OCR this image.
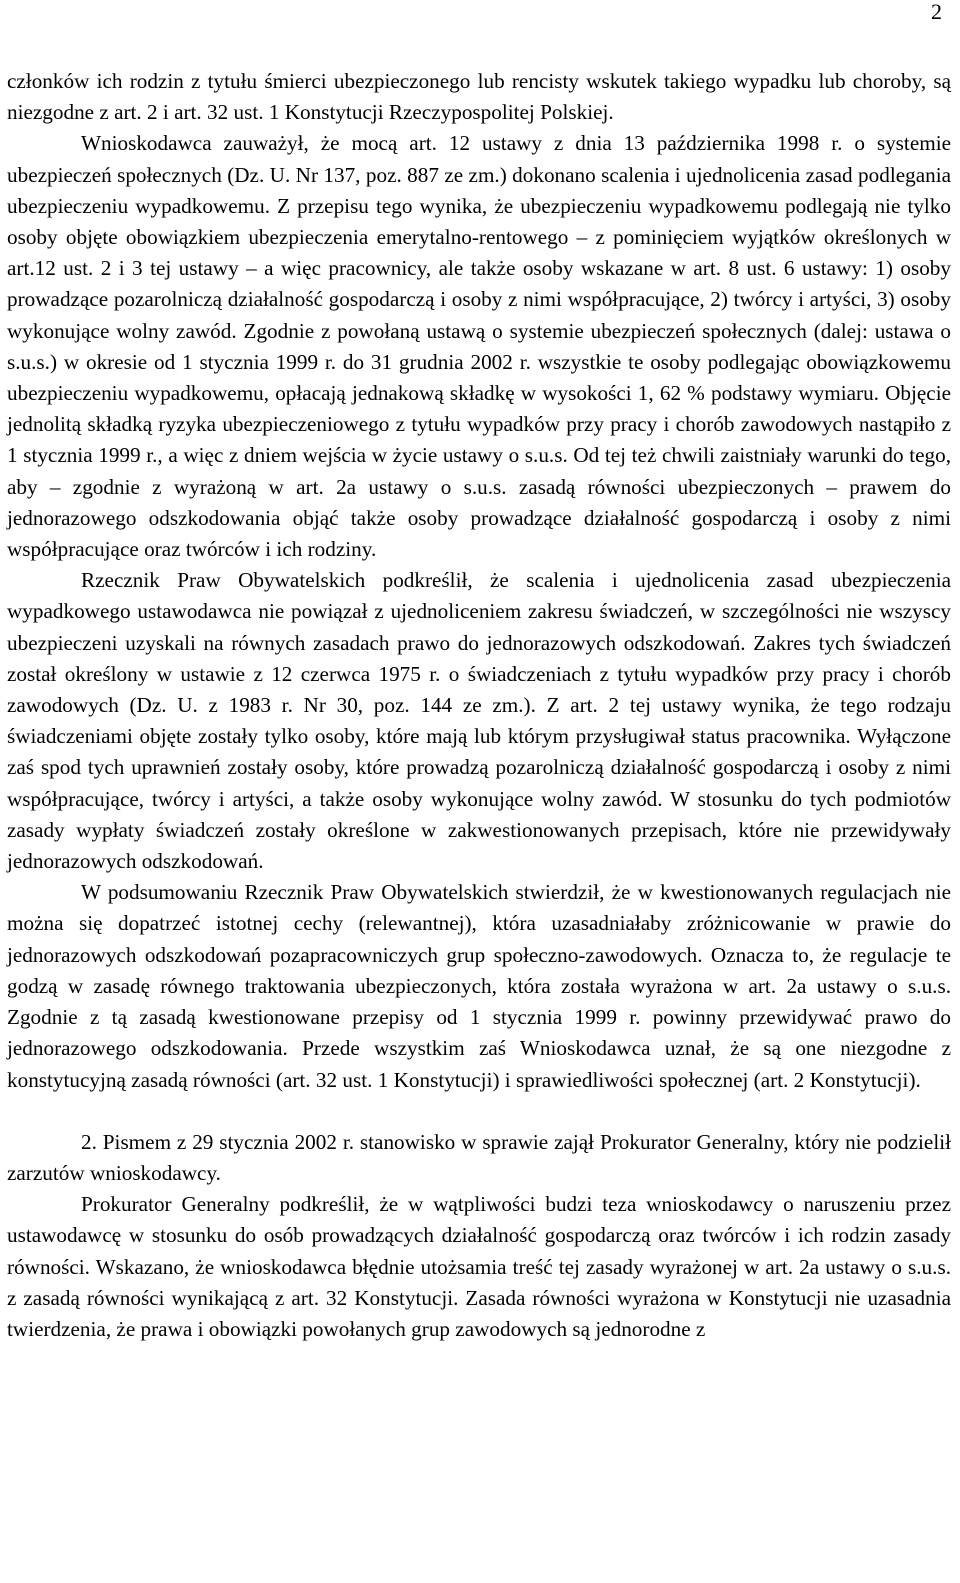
2

członków ich rodzin z tytułu śmierci ubezpieczonego lub rencisty wskutek takiego wypadku lub choroby, są niezgodne z art. 2 i art. 32 ust. 1 Konstytucji Rzeczypospolitej Polskiej.

Wnioskodawca zauważył, że mocą art. 12 ustawy z dnia 13 października 1998 r. o systemie ubezpieczeń społecznych (Dz. U. Nr 137, poz. 887 ze zm.) dokonano scalenia i ujednolicenia zasad podlegania ubezpieczeniu wypadkowemu. Z przepisu tego wynika, że ubezpieczeniu wypadkowemu podlegają nie tylko osoby objęte obowiązkiem ubezpieczenia emerytalno-rentowego – z pominięciem wyjątków określonych w art.12 ust. 2 i 3 tej ustawy – a więc pracownicy, ale także osoby wskazane w art. 8 ust. 6 ustawy: 1) osoby prowadzące pozarolniczą działalność gospodarczą i osoby z nimi współpracujące, 2) twórcy i artyści, 3) osoby wykonujące wolny zawód. Zgodnie z powołaną ustawą o systemie ubezpieczeń społecznych (dalej: ustawa o s.u.s.) w okresie od 1 stycznia 1999 r. do 31 grudnia 2002 r. wszystkie te osoby podlegając obowiązkowemu ubezpieczeniu wypadkowemu, opłacają jednakową składkę w wysokości 1, 62 % podstawy wymiaru. Objęcie jednolitą składką ryzyka ubezpieczeniowego z tytułu wypadków przy pracy i chorób zawodowych nastąpiło z 1 stycznia 1999 r., a więc z dniem wejścia w życie ustawy o s.u.s. Od tej też chwili zaistniały warunki do tego, aby – zgodnie z wyrażoną w art. 2a ustawy o s.u.s. zasadą równości ubezpieczonych – prawem do jednorazowego odszkodowania objąć także osoby prowadzące działalność gospodarczą i osoby z nimi współpracujące oraz twórców i ich rodziny.

Rzecznik Praw Obywatelskich podkreślił, że scalenia i ujednolicenia zasad ubezpieczenia wypadkowego ustawodawca nie powiązał z ujednoliceniem zakresu świadczeń, w szczególności nie wszyscy ubezpieczeni uzyskali na równych zasadach prawo do jednorazowych odszkodowań. Zakres tych świadczeń został określony w ustawie z 12 czerwca 1975 r. o świadczeniach z tytułu wypadków przy pracy i chorób zawodowych (Dz. U. z 1983 r. Nr 30, poz. 144 ze zm.). Z art. 2 tej ustawy wynika, że tego rodzaju świadczeniami objęte zostały tylko osoby, które mają lub którym przysługiwał status pracownika. Wyłączone zaś spod tych uprawnień zostały osoby, które prowadzą pozarolniczą działalność gospodarczą i osoby z nimi współpracujące, twórcy i artyści, a także osoby wykonujące wolny zawód. W stosunku do tych podmiotów zasady wypłaty świadczeń zostały określone w zakwestionowanych przepisach, które nie przewidywały jednorazowych odszkodowań.

W podsumowaniu Rzecznik Praw Obywatelskich stwierdził, że w kwestionowanych regulacjach nie można się dopatrzeć istotnej cechy (relewantnej), która uzasadniałaby zróżnicowanie w prawie do jednorazowych odszkodowań pozapracowniczych grup społeczno-zawodowych. Oznacza to, że regulacje te godzą w zasadę równego traktowania ubezpieczonych, która została wyrażona w art. 2a ustawy o s.u.s. Zgodnie z tą zasadą kwestionowane przepisy od 1 stycznia 1999 r. powinny przewidywać prawo do jednorazowego odszkodowania. Przede wszystkim zaś Wnioskodawca uznał, że są one niezgodne z konstytucyjną zasadą równości (art. 32 ust. 1 Konstytucji) i sprawiedliwości społecznej (art. 2 Konstytucji).

2. Pismem z 29 stycznia 2002 r. stanowisko w sprawie zajął Prokurator Generalny, który nie podzielił zarzutów wnioskodawcy.

Prokurator Generalny podkreślił, że w wątpliwości budzi teza wnioskodawcy o naruszeniu przez ustawodawcę w stosunku do osób prowadzących działalność gospodarczą oraz twórców i ich rodzin zasady równości. Wskazano, że wnioskodawca błędnie utożsamia treść tej zasady wyrażonej w art. 2a ustawy o s.u.s. z zasadą równości wynikającą z art. 32 Konstytucji. Zasada równości wyrażona w Konstytucji nie uzasadnia twierdzenia, że prawa i obowiązki powołanych grup zawodowych są jednorodne z
